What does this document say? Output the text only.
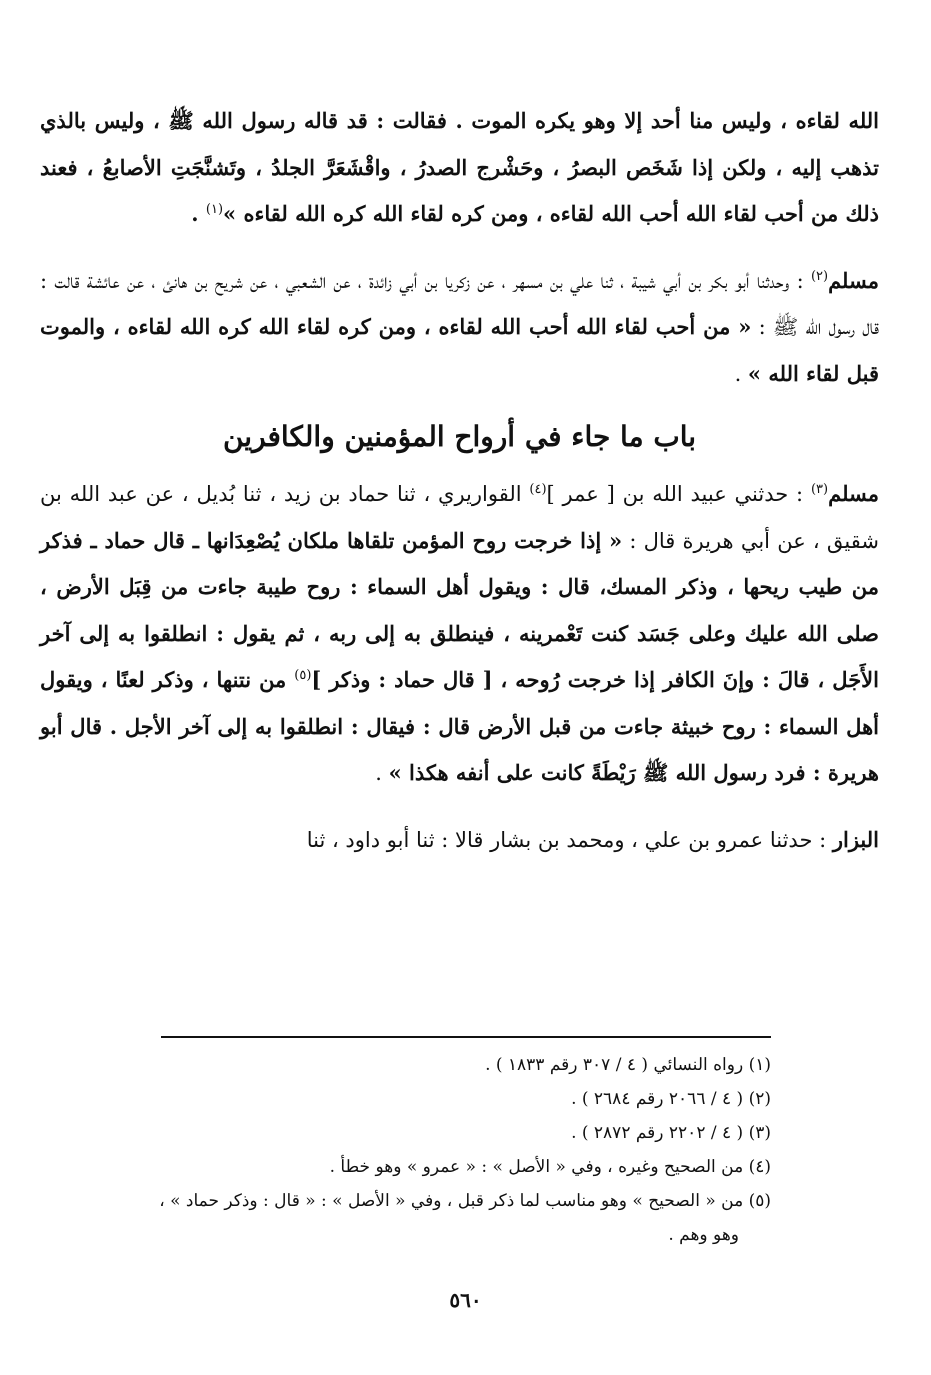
الله لقاءه ، وليس منا أحد إلا وهو يكره الموت . فقالت : قد قاله رسول الله ﷺ ، وليس بالذي تذهب إليه ، ولكن إذا شَخَص البصرُ ، وحَشْرج الصدرُ ، واقْشَعَرَّ الجلدُ ، وتَشنَّجَتِ الأصابعُ ، فعند ذلك من أحب لقاء الله أحب الله لقاءه ، ومن كره لقاء الله كره الله لقاءه »$^{(١)}$ .

مسلم$^{(٢)}$ : وحدثنا أبو بكر بن أبي شيبة ، ثنا علي بن مسهر ، عن زكريا بن أبي زائدة ، عن الشعبي ، عن شريح بن هانئ ، عن عائشة قالت : قال رسول الله ﷺ : « من أحب لقاء الله أحب الله لقاءه ، ومن كره لقاء الله كره الله لقاءه ، والموت قبل لقاء الله » .

باب ما جاء في أرواح المؤمنين والكافرين

مسلم$^{(٣)}$ : حدثني عبيد الله بن [ عمر ]$^{(٤)}$ القواريري ، ثنا حماد بن زيد ، ثنا بُديل ، عن عبد الله بن شقيق ، عن أبي هريرة قال : « إذا خرجت روح المؤمن تلقاها ملكان يُصْعِدَانها ـ قال حماد ـ فذكر من طيب ريحها ، وذكر المسك، قال : ويقول أهل السماء : روح طيبة جاءت من قِبَل الأرض ، صلى الله عليك وعلى جَسَد كنت تَعْمرينه ، فينطلق به إلى ربه ، ثم يقول : انطلقوا به إلى آخر الأَجَل ، قالَ : وإنَ الكافر إذا خرجت رُوحه ، [ قال حماد : وذكر ]$^{(٥)}$ من نتنها ، وذكر لعنًا ، ويقول أهل السماء : روح خبيثة جاءت من قبل الأرض قال : فيقال : انطلقوا به إلى آخر الأجل . قال أبو هريرة : فرد رسول الله ﷺ رَيْطَةً كانت على أنفه هكذا » .

البزار : حدثنا عمرو بن علي ، ومحمد بن بشار قالا : ثنا أبو داود ، ثنا

(١) رواه النسائي ( ٤ / ٣٠٧ رقم ١٨٣٣ ) .

(٢) ( ٤ / ٢٠٦٦ رقم ٢٦٨٤ ) .

(٣) ( ٤ / ٢٢٠٢ رقم ٢٨٧٢ ) .

(٤) من الصحيح وغيره ، وفي « الأصل » : « عمرو » وهو خطأ .

(٥) من « الصحيح » وهو مناسب لما ذكر قبل ، وفي « الأصل » : « قال : وذكر حماد » ،

وهو وهم .

٥٦٠
